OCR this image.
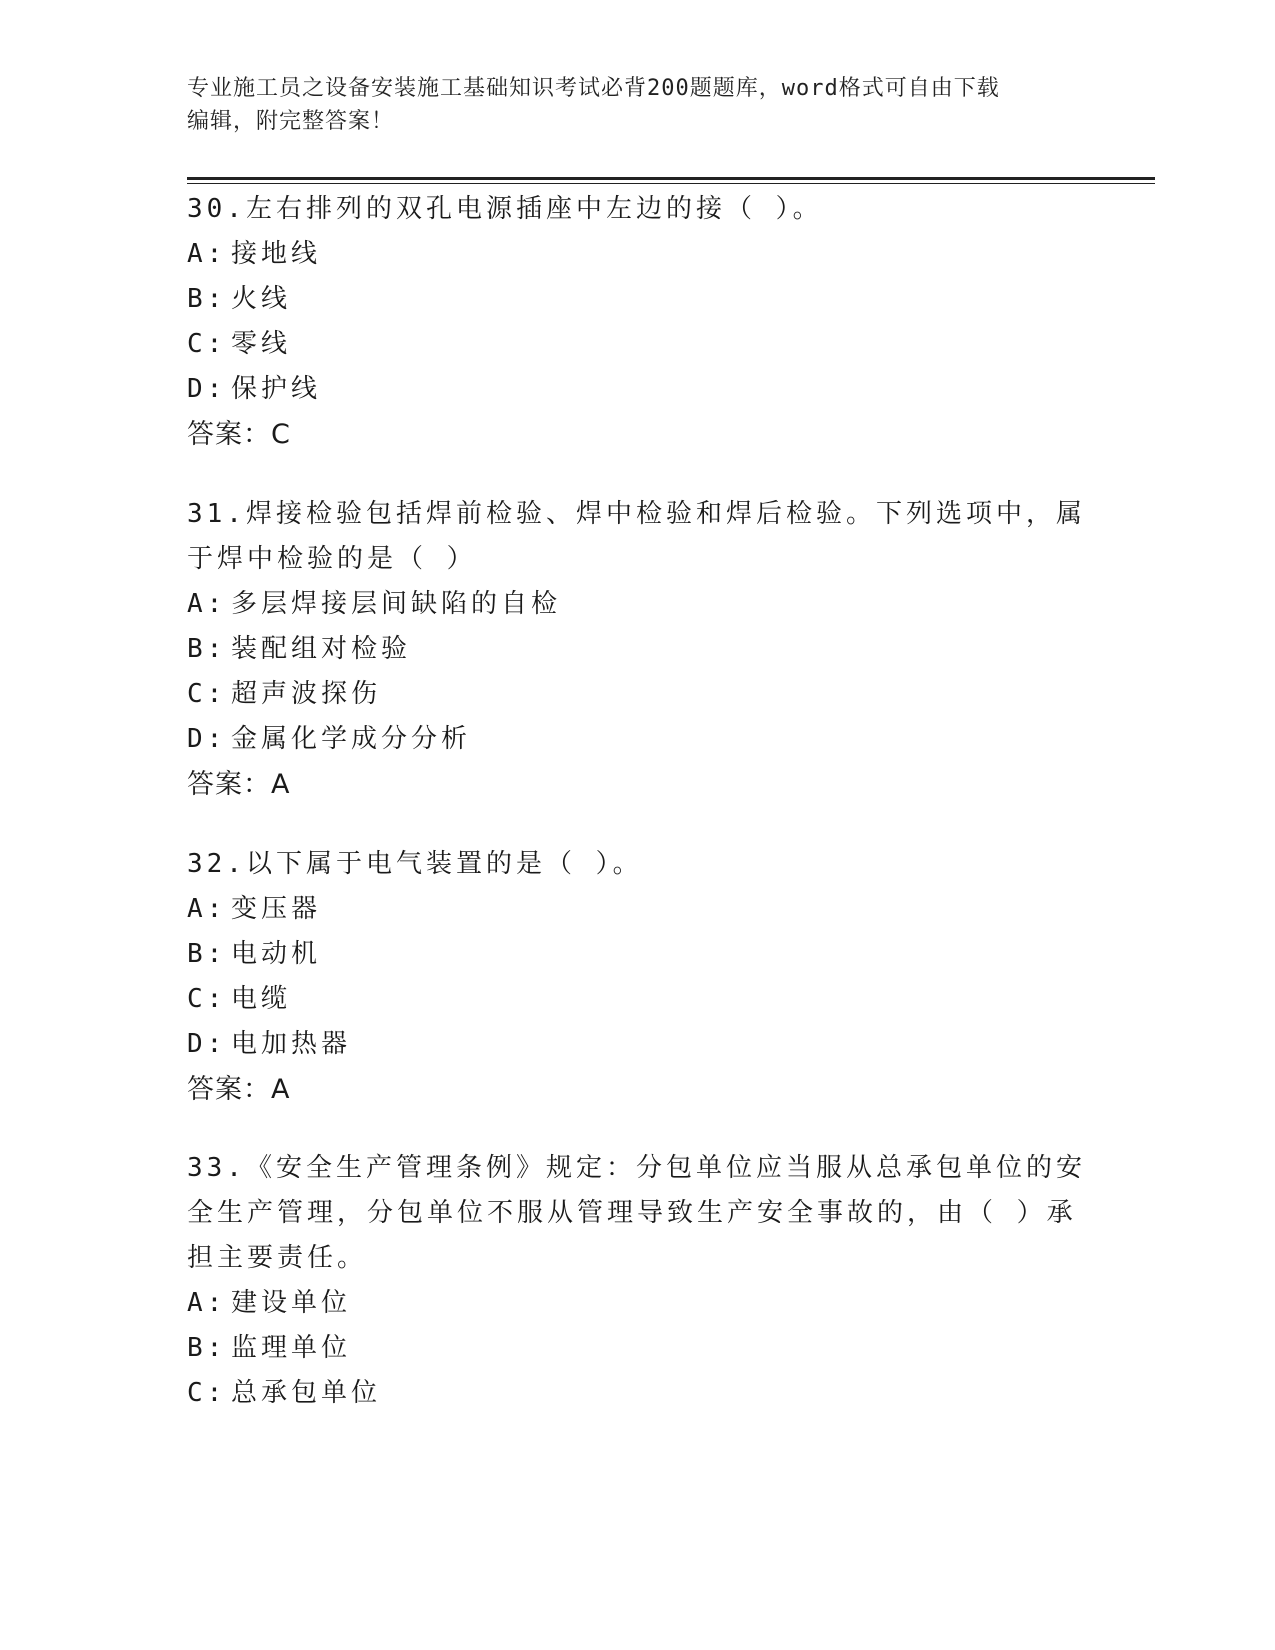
专业施工员之设备安装施工基础知识考试必背200题题库，word格式可自由下载
编辑，附完整答案！
30.左右排列的双孔电源插座中左边的接（ ）。
A: 接地线
B: 火线
C: 零线
D: 保护线
答案：C
31.焊接检验包括焊前检验、焊中检验和焊后检验。下列选项中，属于焊中检验的是（ ）
A: 多层焊接层间缺陷的自检
B: 装配组对检验
C: 超声波探伤
D: 金属化学成分分析
答案：A
32.以下属于电气装置的是（ ）。
A: 变压器
B: 电动机
C: 电缆
D: 电加热器
答案：A
33.《安全生产管理条例》规定：分包单位应当服从总承包单位的安全生产管理，分包单位不服从管理导致生产安全事故的，由（ ）承担主要责任。
A: 建设单位
B: 监理单位
C: 总承包单位
